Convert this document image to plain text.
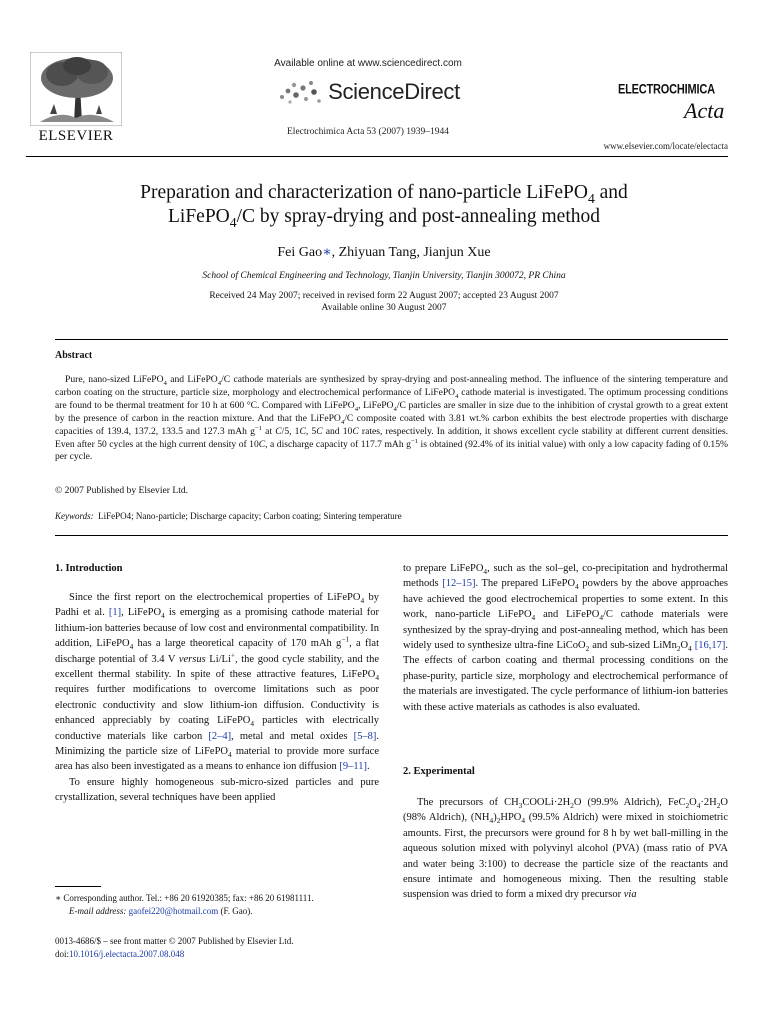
ELSEVIER
Available online at www.sciencedirect.com
ScienceDirect
Electrochimica Acta 53 (2007) 1939–1944
ELECTROCHIMICA
Acta
www.elsevier.com/locate/electacta
Preparation and characterization of nano-particle LiFePO$_4$ and
LiFePO$_4$/C by spray-drying and post-annealing method
Fei Gao∗, Zhiyuan Tang, Jianjun Xue
School of Chemical Engineering and Technology, Tianjin University, Tianjin 300072, PR China
Received 24 May 2007; received in revised form 22 August 2007; accepted 23 August 2007
Available online 30 August 2007
Abstract
Pure, nano-sized LiFePO$_4$ and LiFePO$_4$/C cathode materials are synthesized by spray-drying and post-annealing method. The influence of the sintering temperature and carbon coating on the structure, particle size, morphology and electrochemical performance of LiFePO$_4$ cathode material is investigated. The optimum processing conditions are found to be thermal treatment for 10 h at 600 °C. Compared with LiFePO$_4$, LiFePO$_4$/C particles are smaller in size due to the inhibition of crystal growth to a great extent by the presence of carbon in the reaction mixture. And that the LiFePO$_4$/C composite coated with 3.81 wt.% carbon exhibits the best electrode properties with discharge capacities of 139.4, 137.2, 133.5 and 127.3 mAh $g^{-1}$ at C/5, 1C, 5C and 10C rates, respectively. In addition, it shows excellent cycle stability at different current densities. Even after 50 cycles at the high current density of 10C, a discharge capacity of 117.7 mAh $g^{-1}$ is obtained (92.4% of its initial value) with only a low capacity fading of 0.15% per cycle.
© 2007 Published by Elsevier Ltd.
Keywords: LiFePO4; Nano-particle; Discharge capacity; Carbon coating; Sintering temperature
1. Introduction

Since the first report on the electrochemical properties of LiFePO$_4$ by Padhi et al. [1], LiFePO$_4$ is emerging as a promising cathode material for lithium-ion batteries because of low cost and environmental compatibility. In addition, LiFePO$_4$ has a large theoretical capacity of 170 mAh $g^{-1}$, a flat discharge potential of 3.4 V versus Li/Li+, the good cycle stability, and the excellent thermal stability. In spite of these attractive features, LiFePO$_4$ requires further modifications to overcome limitations such as poor electronic conductivity and slow lithium-ion diffusion. Conductivity is enhanced appreciably by coating LiFePO$_4$ particles with electrically conductive materials like carbon [2–4], metal and metal oxides [5–8]. Minimizing the particle size of LiFePO$_4$ material to provide more surface area has also been investigated as a means to enhance ion diffusion [9–11].

To ensure highly homogeneous sub-micro-sized particles and pure crystallization, several techniques have been applied

to prepare LiFePO$_4$, such as the sol–gel, co-precipitation and hydrothermal methods [12–15]. The prepared LiFePO$_4$ powders by the above approaches have achieved the good electrochemical properties to some extent. In this work, nano-particle LiFePO$_4$ and LiFePO$_4$/C cathode materials were synthesized by the spray-drying and post-annealing method, which has been widely used to synthesize ultra-fine LiCoO$_2$ and sub-sized $LiMn_2O_4$ [16,17]. The effects of carbon coating and thermal processing conditions on the phase-purity, particle size, morphology and electrochemical performance of the materials are investigated. The cycle performance of lithium-ion batteries with these active materials as cathodes is also evaluated.

2. Experimental

The precursors of $CH_3COOLi\cdot 2H_2O$ (99.9% Aldrich), $FeC_2O_4\cdot 2H_2O$ (98% Aldrich), $(NH_4)_2HPO_4$ (99.5% Aldrich) were mixed in stoichiometric amounts. First, the precursors were ground for 8 h by wet ball-milling in the aqueous solution mixed with polyvinyl alcohol (PVA) (mass ratio of PVA and water being 3:100) to decrease the particle size of the reactants and ensure intimate and homogeneous mixing. Then the resulting stable suspension was dried to form a mixed dry precursor via

∗ Corresponding author. Tel.: +86 20 61920385; fax: +86 20 61981111.
E-mail address: gaofei220@hotmail.com (F. Gao).
0013-4686/$ – see front matter © 2007 Published by Elsevier Ltd.
doi:10.1016/j.electacta.2007.08.048
